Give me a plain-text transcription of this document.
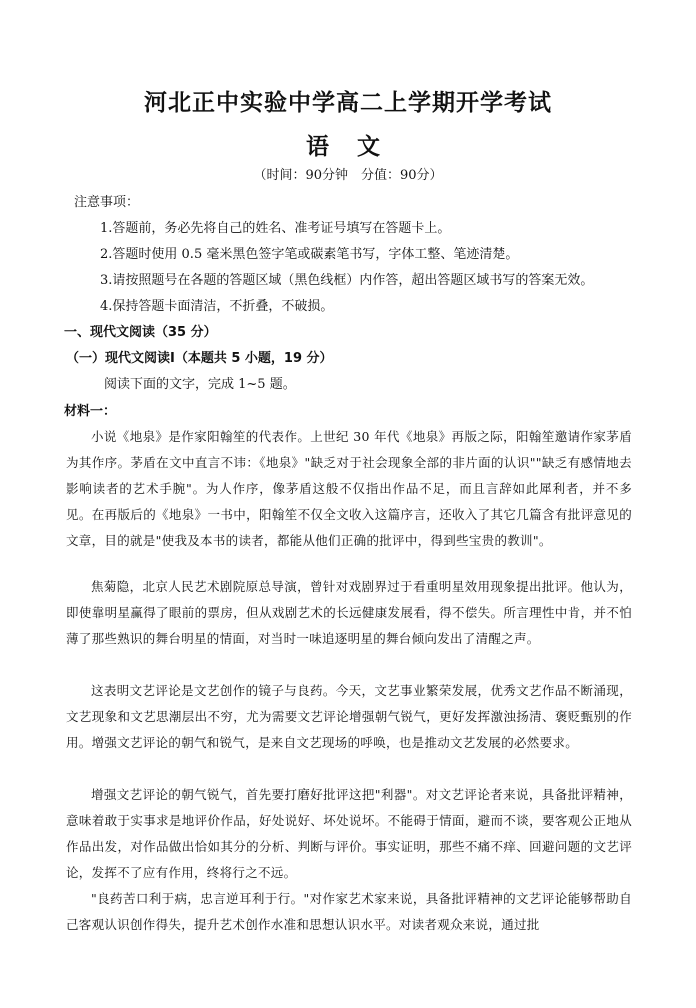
河北正中实验中学高二上学期开学考试
语 文
（时间：90分钟　分值：90分）
注意事项：
1.答题前，务必先将自己的姓名、准考证号填写在答题卡上。
2.答题时使用 0.5 毫米黑色签字笔或碳素笔书写，字体工整、笔迹清楚。
3.请按照题号在各题的答题区域（黑色线框）内作答，超出答题区域书写的答案无效。
4.保持答题卡面清洁，不折叠，不破损。
一、现代文阅读（35 分）
（一）现代文阅读Ⅰ（本题共 5 小题，19 分）
阅读下面的文字，完成 1~5 题。
材料一：
小说《地泉》是作家阳翰笙的代表作。上世纪 30 年代《地泉》再版之际，阳翰笙邀请作家茅盾为其作序。茅盾在文中直言不讳：《地泉》"缺乏对于社会现象全部的非片面的认识""缺乏有感情地去影响读者的艺术手腕"。为人作序，像茅盾这般不仅指出作品不足，而且言辞如此犀利者，并不多见。在再版后的《地泉》一书中，阳翰笙不仅全文收入这篇序言，还收入了其它几篇含有批评意见的文章，目的就是"使我及本书的读者，都能从他们正确的批评中，得到些宝贵的教训"。
焦菊隐，北京人民艺术剧院原总导演，曾针对戏剧界过于看重明星效用现象提出批评。他认为，即使靠明星赢得了眼前的票房，但从戏剧艺术的长远健康发展看，得不偿失。所言理性中肯，并不怕薄了那些熟识的舞台明星的情面，对当时一味追逐明星的舞台倾向发出了清醒之声。
这表明文艺评论是文艺创作的镜子与良药。今天，文艺事业繁荣发展，优秀文艺作品不断涌现，文艺现象和文艺思潮层出不穷，尤为需要文艺评论增强朝气锐气，更好发挥激浊扬清、褒贬甄别的作用。增强文艺评论的朝气和锐气，是来自文艺现场的呼唤，也是推动文艺发展的必然要求。
增强文艺评论的朝气锐气，首先要打磨好批评这把"利器"。对文艺评论者来说，具备批评精神，意味着敢于实事求是地评价作品，好处说好、坏处说坏。不能碍于情面，避而不谈，要客观公正地从作品出发，对作品做出恰如其分的分析、判断与评价。事实证明，那些不痛不痒、回避问题的文艺评论，发挥不了应有作用，终将行之不远。
"良药苦口利于病，忠言逆耳利于行。"对作家艺术家来说，具备批评精神的文艺评论能够帮助自己客观认识创作得失，提升艺术创作水准和思想认识水平。对读者观众来说，通过批
